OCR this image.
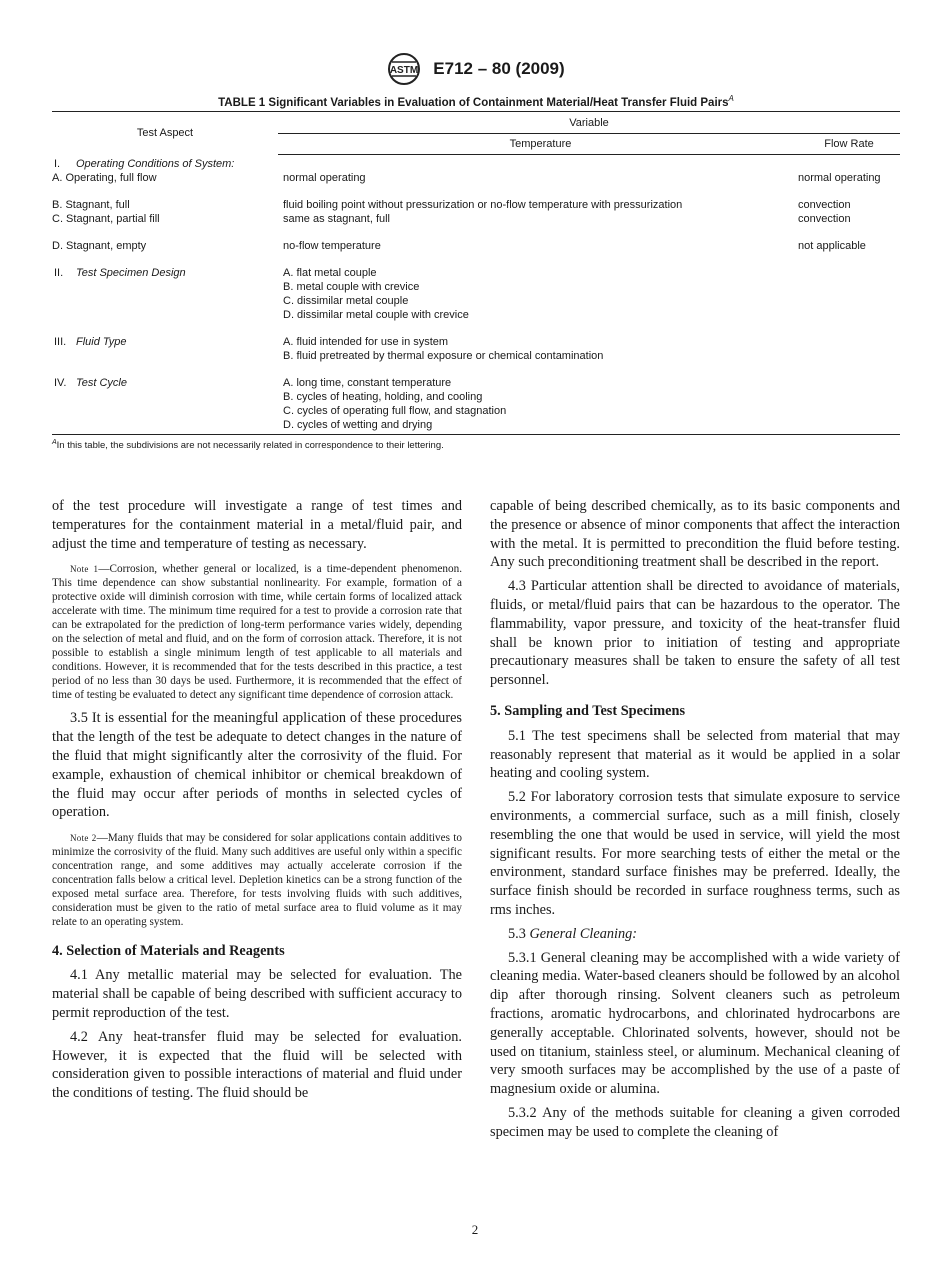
ASTM E712 – 80 (2009)
TABLE 1 Significant Variables in Evaluation of Containment Material/Heat Transfer Fluid Pairs$^A$
Test Aspect	Variable	
	Temperature	Flow Rate

I. Operating Conditions of System:		
A. Operating, full flow	normal operating	normal operating

B. Stagnant, full	fluid boiling point without pressurization or no-flow temperature with pressurization	convection
C. Stagnant, partial fill	same as stagnant, full	convection

D. Stagnant, empty	no-flow temperature	not applicable

II. Test Specimen Design	A. flat metal couple	
	B. metal couple with crevice	
	C. dissimilar metal couple	
	D. dissimilar metal couple with crevice	

III. Fluid Type	A. fluid intended for use in system	
	B. fluid pretreated by thermal exposure or chemical contamination	

IV. Test Cycle	A. long time, constant temperature	
	B. cycles of heating, holding, and cooling	
	C. cycles of operating full flow, and stagnation	
	D. cycles of wetting and drying	

$^A$In this table, the subdivisions are not necessarily related in correspondence to their lettering.

of the test procedure will investigate a range of test times and temperatures for the containment material in a metal/fluid pair, and adjust the time and temperature of testing as necessary.

Note 1—Corrosion, whether general or localized, is a time-dependent phenomenon. This time dependence can show substantial nonlinearity. For example, formation of a protective oxide will diminish corrosion with time, while certain forms of localized attack accelerate with time. The minimum time required for a test to provide a corrosion rate that can be extrapolated for the prediction of long-term performance varies widely, depending on the selection of metal and fluid, and on the form of corrosion attack. Therefore, it is not possible to establish a single minimum length of test applicable to all materials and conditions. However, it is recommended that for the tests described in this practice, a test period of no less than 30 days be used. Furthermore, it is recommended that the effect of time of testing be evaluated to detect any significant time dependence of corrosion attack.

3.5 It is essential for the meaningful application of these procedures that the length of the test be adequate to detect changes in the nature of the fluid that might significantly alter the corrosivity of the fluid. For example, exhaustion of chemical inhibitor or chemical breakdown of the fluid may occur after periods of months in selected cycles of operation.

Note 2—Many fluids that may be considered for solar applications contain additives to minimize the corrosivity of the fluid. Many such additives are useful only within a specific concentration range, and some additives may actually accelerate corrosion if the concentration falls below a critical level. Depletion kinetics can be a strong function of the exposed metal surface area. Therefore, for tests involving fluids with such additives, consideration must be given to the ratio of metal surface area to fluid volume as it may relate to an operating system.

4. Selection of Materials and Reagents

4.1 Any metallic material may be selected for evaluation. The material shall be capable of being described with sufficient accuracy to permit reproduction of the test.

4.2 Any heat-transfer fluid may be selected for evaluation. However, it is expected that the fluid will be selected with consideration given to possible interactions of material and fluid under the conditions of testing. The fluid should be

capable of being described chemically, as to its basic components and the presence or absence of minor components that affect the interaction with the metal. It is permitted to precondition the fluid before testing. Any such preconditioning treatment shall be described in the report.

4.3 Particular attention shall be directed to avoidance of materials, fluids, or metal/fluid pairs that can be hazardous to the operator. The flammability, vapor pressure, and toxicity of the heat-transfer fluid shall be known prior to initiation of testing and appropriate precautionary measures shall be taken to ensure the safety of all test personnel.

5. Sampling and Test Specimens

5.1 The test specimens shall be selected from material that may reasonably represent that material as it would be applied in a solar heating and cooling system.

5.2 For laboratory corrosion tests that simulate exposure to service environments, a commercial surface, such as a mill finish, closely resembling the one that would be used in service, will yield the most significant results. For more searching tests of either the metal or the environment, standard surface finishes may be preferred. Ideally, the surface finish should be recorded in surface roughness terms, such as rms inches.

5.3 General Cleaning:

5.3.1 General cleaning may be accomplished with a wide variety of cleaning media. Water-based cleaners should be followed by an alcohol dip after thorough rinsing. Solvent cleaners such as petroleum fractions, aromatic hydrocarbons, and chlorinated hydrocarbons are generally acceptable. Chlorinated solvents, however, should not be used on titanium, stainless steel, or aluminum. Mechanical cleaning of very smooth surfaces may be accomplished by the use of a paste of magnesium oxide or alumina.

5.3.2 Any of the methods suitable for cleaning a given corroded specimen may be used to complete the cleaning of

2
